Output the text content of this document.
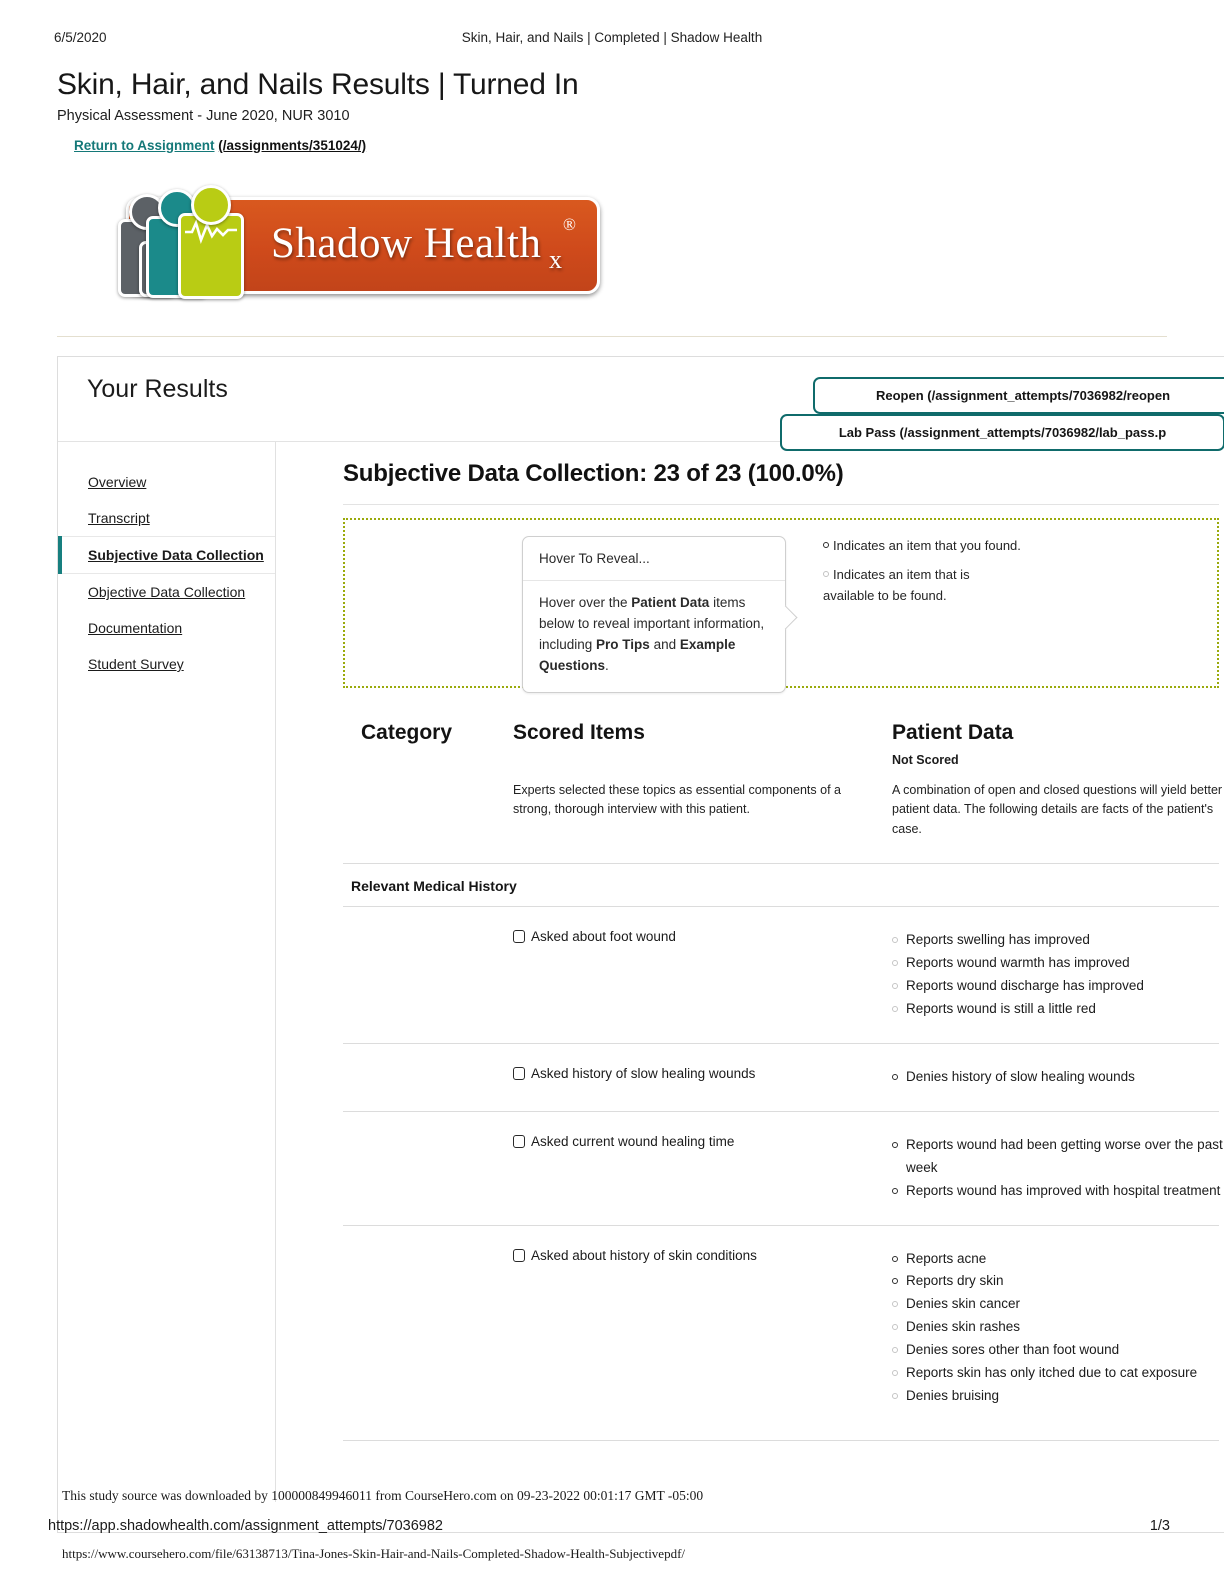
6/5/2020	Skin, Hair, and Nails | Completed | Shadow Health
Skin, Hair, and Nails Results | Turned In
Physical Assessment - June 2020, NUR 3010
Return to Assignment (/assignments/351024/)
Shadow Health ®
x
Your Results	Reopen (/assignment_attempts/7036982/reopen
Lab Pass (/assignment_attempts/7036982/lab_pass.p
Overview
Transcript
Subjective Data Collection
Objective Data Collection
Documentation
Student Survey
Subjective Data Collection: 23 of 23 (100.0%)
Hover To Reveal...
Hover over the Patient Data items below to reveal important information, including Pro Tips and Example Questions.
Indicates an item that you found.
Indicates an item that is available to be found.
Category	Scored Items
Experts selected these topics as essential components of a strong, thorough interview with this patient.
Patient Data
Not Scored
A combination of open and closed questions will yield better patient data. The following details are facts of the patient's case.
Relevant Medical History
Asked about foot wound	Reports swelling has improved
Reports wound warmth has improved
Reports wound discharge has improved
Reports wound is still a little red
Asked history of slow healing wounds	Denies history of slow healing wounds
Asked current wound healing time	Reports wound had been getting worse over the past week
Reports wound has improved with hospital treatment
Asked about history of skin conditions	Reports acne
Reports dry skin
Denies skin cancer
Denies skin rashes
Denies sores other than foot wound
Reports skin has only itched due to cat exposure
Denies bruising
This study source was downloaded by 100000849946011 from CourseHero.com on 09-23-2022 00:01:17 GMT -05:00
https://app.shadowhealth.com/assignment_attempts/7036982	1/3
https://www.coursehero.com/file/63138713/Tina-Jones-Skin-Hair-and-Nails-Completed-Shadow-Health-Subjectivepdf/
